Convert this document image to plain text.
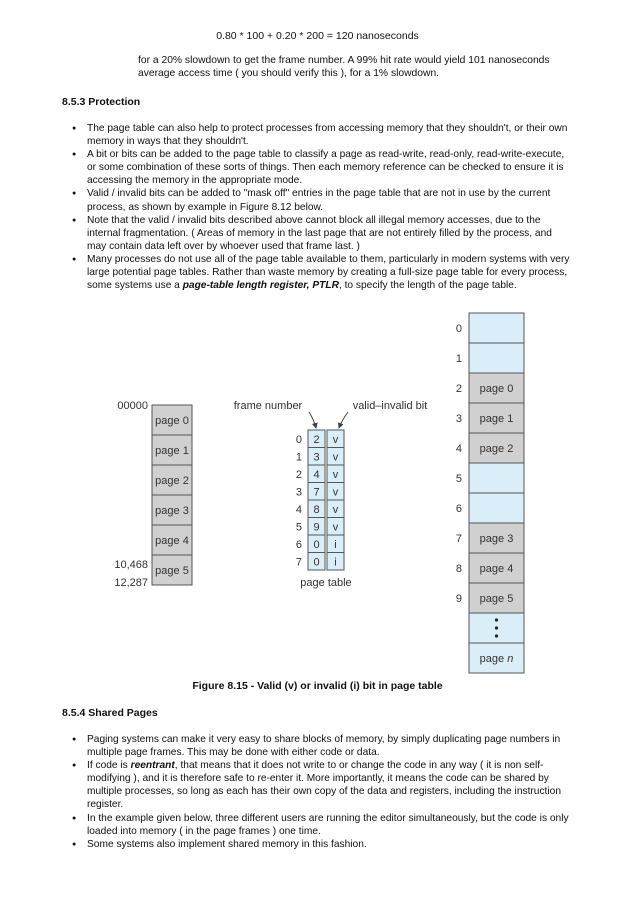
0.80 * 100 + 0.20 * 200 = 120 nanoseconds
for a 20% slowdown to get the frame number. A 99% hit rate would yield 101 nanoseconds average access time ( you should verify this ), for a 1% slowdown.
8.5.3 Protection
● The page table can also help to protect processes from accessing memory that they shouldn't, or their own memory in ways that they shouldn't.
● A bit or bits can be added to the page table to classify a page as read-write, read-only, read-write-execute, or some combination of these sorts of things. Then each memory reference can be checked to ensure it is accessing the memory in the appropriate mode.
● Valid / invalid bits can be added to "mask off" entries in the page table that are not in use by the current process, as shown by example in Figure 8.12 below.
● Note that the valid / invalid bits described above cannot block all illegal memory accesses, due to the internal fragmentation. ( Areas of memory in the last page that are not entirely filled by the process, and may contain data left over by whoever used that frame last. )
● Many processes do not use all of the page table available to them, particularly in modern systems with very large potential page tables. Rather than waste memory by creating a full-size page table for every process, some systems use a page-table length register, PTLR, to specify the length of the page table.
00000
page 0
page 1
page 2
page 3
page 4
page 5
10,468
12,287
frame number	valid–invalid bit
0 2 v
1 3 v
2 4 v
3 7 v
4 8 v
5 9 v
6 0 i
7 0 i
page table
0
1
2 page 0
3 page 1
4 page 2
5
6
7 page 3
8 page 4
9 page 5
page n
Figure 8.15 - Valid (v) or invalid (i) bit in page table
8.5.4 Shared Pages
● Paging systems can make it very easy to share blocks of memory, by simply duplicating page numbers in multiple page frames. This may be done with either code or data.
● If code is reentrant, that means that it does not write to or change the code in any way ( it is non self-modifying ), and it is therefore safe to re-enter it. More importantly, it means the code can be shared by multiple processes, so long as each has their own copy of the data and registers, including the instruction register.
● In the example given below, three different users are running the editor simultaneously, but the code is only loaded into memory ( in the page frames ) one time.
● Some systems also implement shared memory in this fashion.
